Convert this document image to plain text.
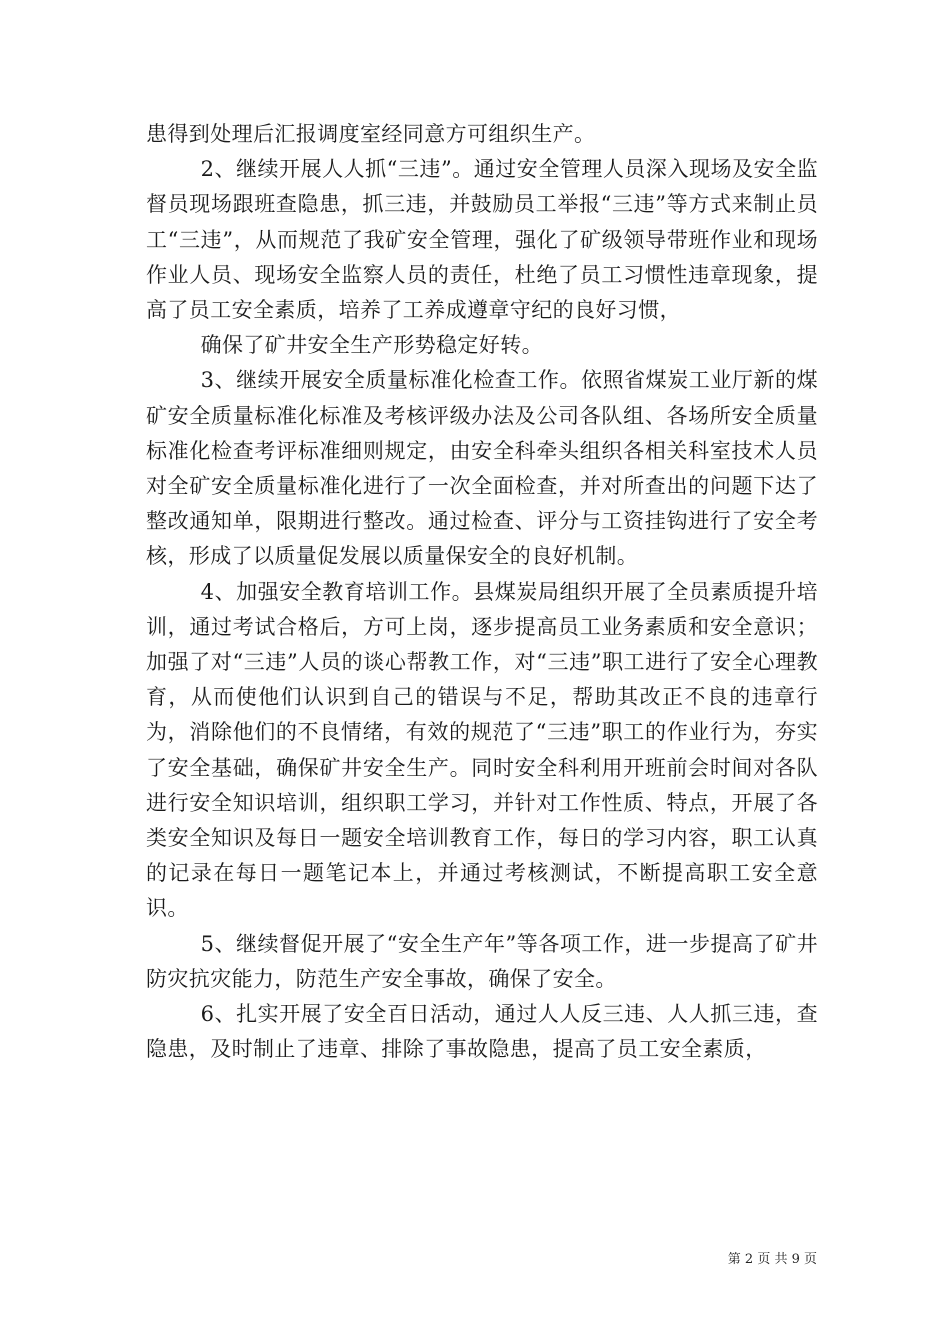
患得到处理后汇报调度室经同意方可组织生产。

2、继续开展人人抓“三违”。通过安全管理人员深入现场及安全监督员现场跟班查隐患，抓三违，并鼓励员工举报“三违”等方式来制止员工“三违”，从而规范了我矿安全管理，强化了矿级领导带班作业和现场作业人员、现场安全监察人员的责任，杜绝了员工习惯性违章现象，提高了员工安全素质，培养了工养成遵章守纪的良好习惯，

确保了矿井安全生产形势稳定好转。

3、继续开展安全质量标准化检查工作。依照省煤炭工业厅新的煤矿安全质量标准化标准及考核评级办法及公司各队组、各场所安全质量标准化检查考评标准细则规定，由安全科牵头组织各相关科室技术人员对全矿安全质量标准化进行了一次全面检查，并对所查出的问题下达了整改通知单，限期进行整改。通过检查、评分与工资挂钩进行了安全考核，形成了以质量促发展以质量保安全的良好机制。

4、加强安全教育培训工作。县煤炭局组织开展了全员素质提升培训，通过考试合格后，方可上岗，逐步提高员工业务素质和安全意识；加强了对“三违”人员的谈心帮教工作，对“三违”职工进行了安全心理教育，从而使他们认识到自己的错误与不足，帮助其改正不良的违章行为，消除他们的不良情绪，有效的规范了“三违”职工的作业行为，夯实了安全基础，确保矿井安全生产。同时安全科利用开班前会时间对各队进行安全知识培训，组织职工学习，并针对工作性质、特点，开展了各类安全知识及每日一题安全培训教育工作，每日的学习内容，职工认真的记录在每日一题笔记本上，并通过考核测试，不断提高职工安全意识。

5、继续督促开展了“安全生产年”等各项工作，进一步提高了矿井防灾抗灾能力，防范生产安全事故，确保了安全。

6、扎实开展了安全百日活动，通过人人反三违、人人抓三违，查隐患，及时制止了违章、排除了事故隐患，提高了员工安全素质，

第 2 页 共 9 页
